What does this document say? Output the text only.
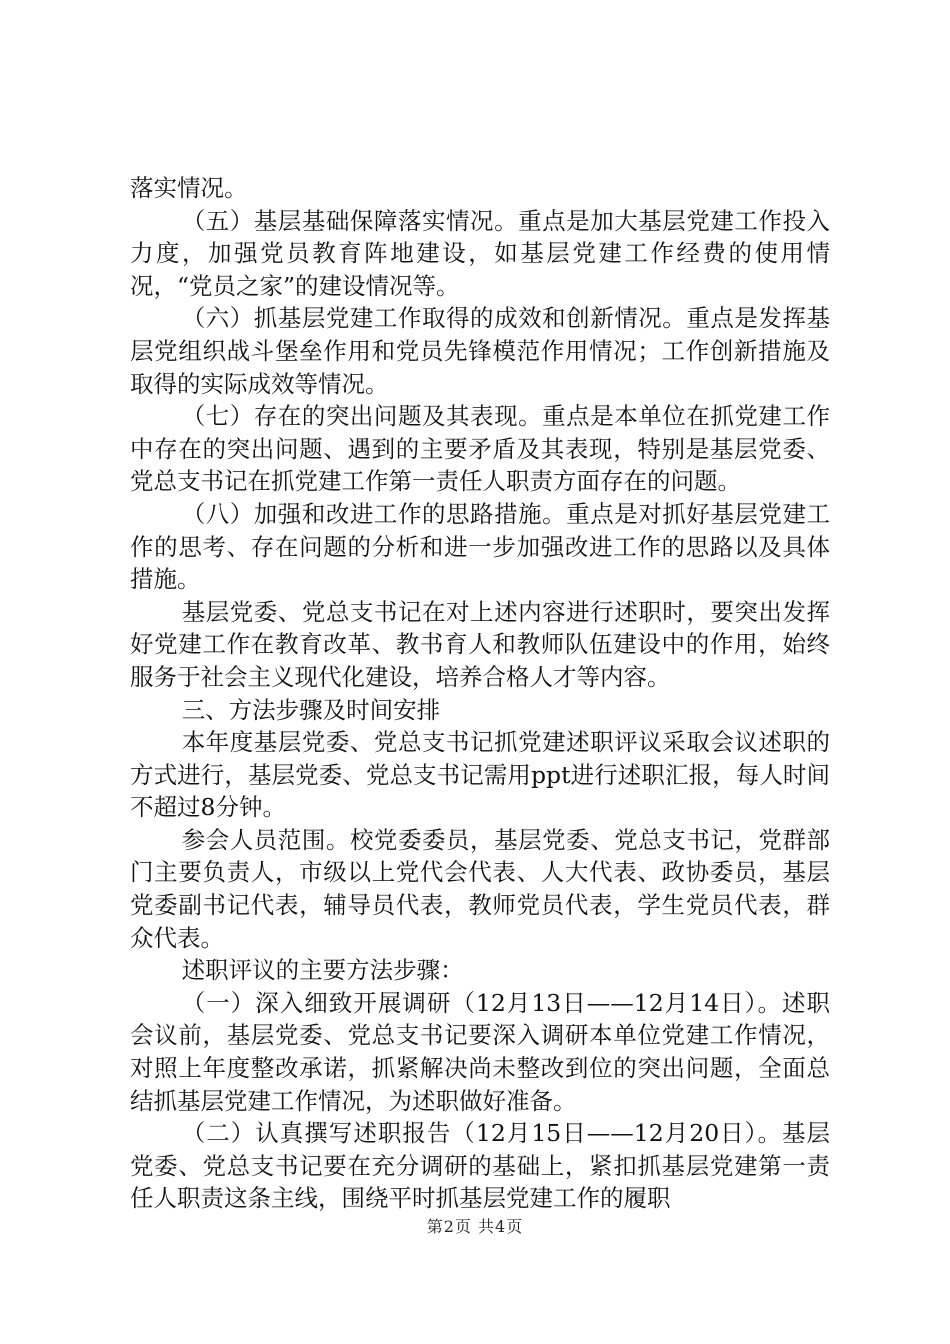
落实情况。

（五）基层基础保障落实情况。重点是加大基层党建工作投入力度，加强党员教育阵地建设，如基层党建工作经费的使用情况，“党员之家”的建设情况等。

（六）抓基层党建工作取得的成效和创新情况。重点是发挥基层党组织战斗堡垒作用和党员先锋模范作用情况；工作创新措施及取得的实际成效等情况。

（七）存在的突出问题及其表现。重点是本单位在抓党建工作中存在的突出问题、遇到的主要矛盾及其表现，特别是基层党委、党总支书记在抓党建工作第一责任人职责方面存在的问题。

（八）加强和改进工作的思路措施。重点是对抓好基层党建工作的思考、存在问题的分析和进一步加强改进工作的思路以及具体措施。

基层党委、党总支书记在对上述内容进行述职时，要突出发挥好党建工作在教育改革、教书育人和教师队伍建设中的作用，始终服务于社会主义现代化建设，培养合格人才等内容。

三、方法步骤及时间安排

本年度基层党委、党总支书记抓党建述职评议采取会议述职的方式进行，基层党委、党总支书记需用ppt进行述职汇报，每人时间不超过8分钟。

参会人员范围。校党委委员，基层党委、党总支书记，党群部门主要负责人，市级以上党代会代表、人大代表、政协委员，基层党委副书记代表，辅导员代表，教师党员代表，学生党员代表，群众代表。

述职评议的主要方法步骤：

（一）深入细致开展调研（12月13日——12月14日）。述职会议前，基层党委、党总支书记要深入调研本单位党建工作情况，对照上年度整改承诺，抓紧解决尚未整改到位的突出问题，全面总结抓基层党建工作情况，为述职做好准备。

（二）认真撰写述职报告（12月15日——12月20日）。基层党委、党总支书记要在充分调研的基础上，紧扣抓基层党建第一责任人职责这条主线，围绕平时抓基层党建工作的履职

第2页 共4页
